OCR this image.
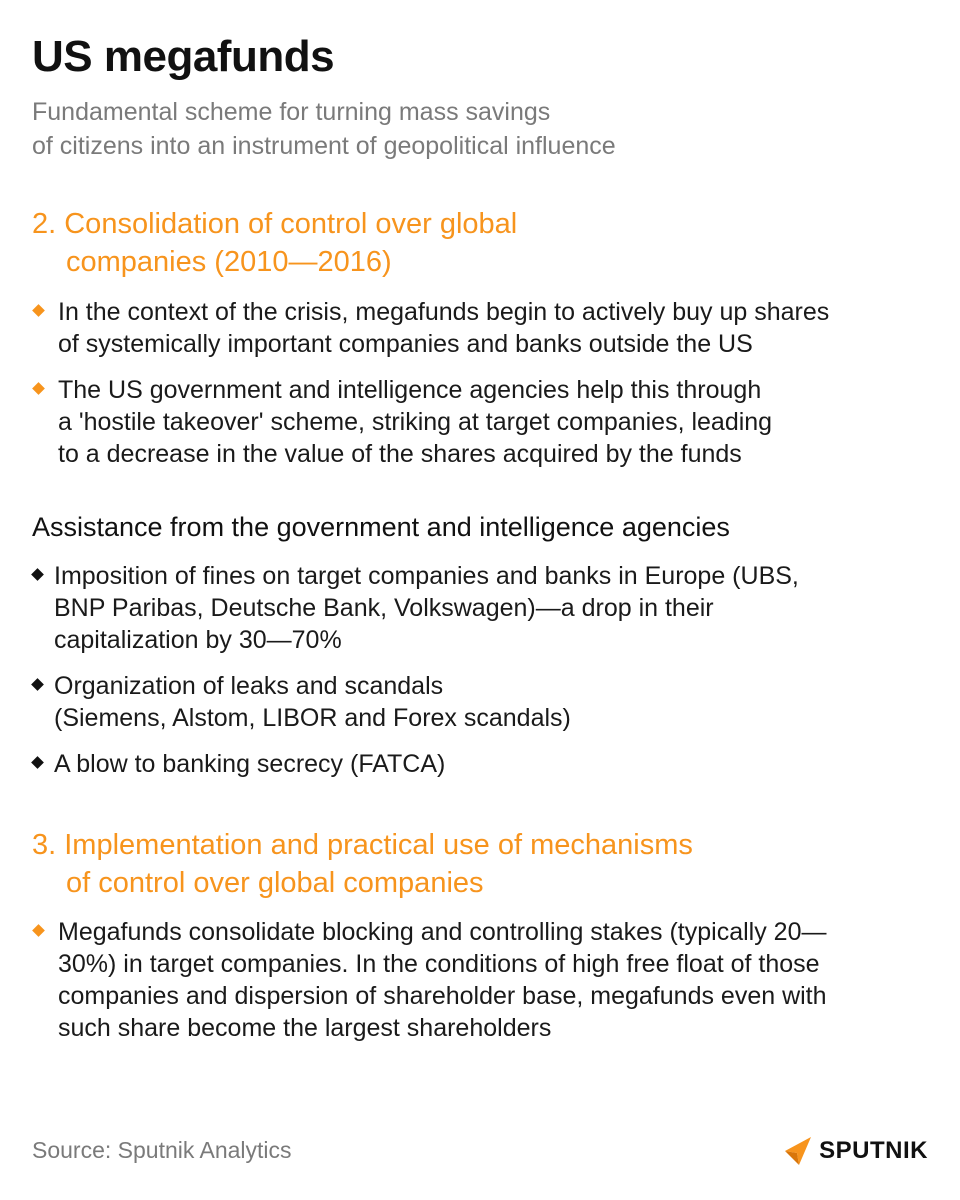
US megafunds
Fundamental scheme for turning mass savings
of citizens into an instrument of geopolitical influence
2. Consolidation of control over global
companies (2010—2016)
In the context of the crisis, megafunds begin to actively buy up shares
of systemically important companies and banks outside the US
The US government and intelligence agencies help this through
a 'hostile takeover' scheme, striking at target companies, leading
to a decrease in the value of the shares acquired by the funds
Assistance from the government and intelligence agencies
Imposition of fines on target companies and banks in Europe (UBS,
BNP Paribas, Deutsche Bank, Volkswagen)—a drop in their
capitalization by 30—70%
Organization of leaks and scandals
(Siemens, Alstom, LIBOR and Forex scandals)
A blow to banking secrecy (FATCA)
3. Implementation and practical use of mechanisms
of control over global companies
Megafunds consolidate blocking and controlling stakes (typically 20—
30%) in target companies. In the conditions of high free float of those
companies and dispersion of shareholder base, megafunds even with
such share become the largest shareholders
Source: Sputnik Analytics	SPUTNIK
